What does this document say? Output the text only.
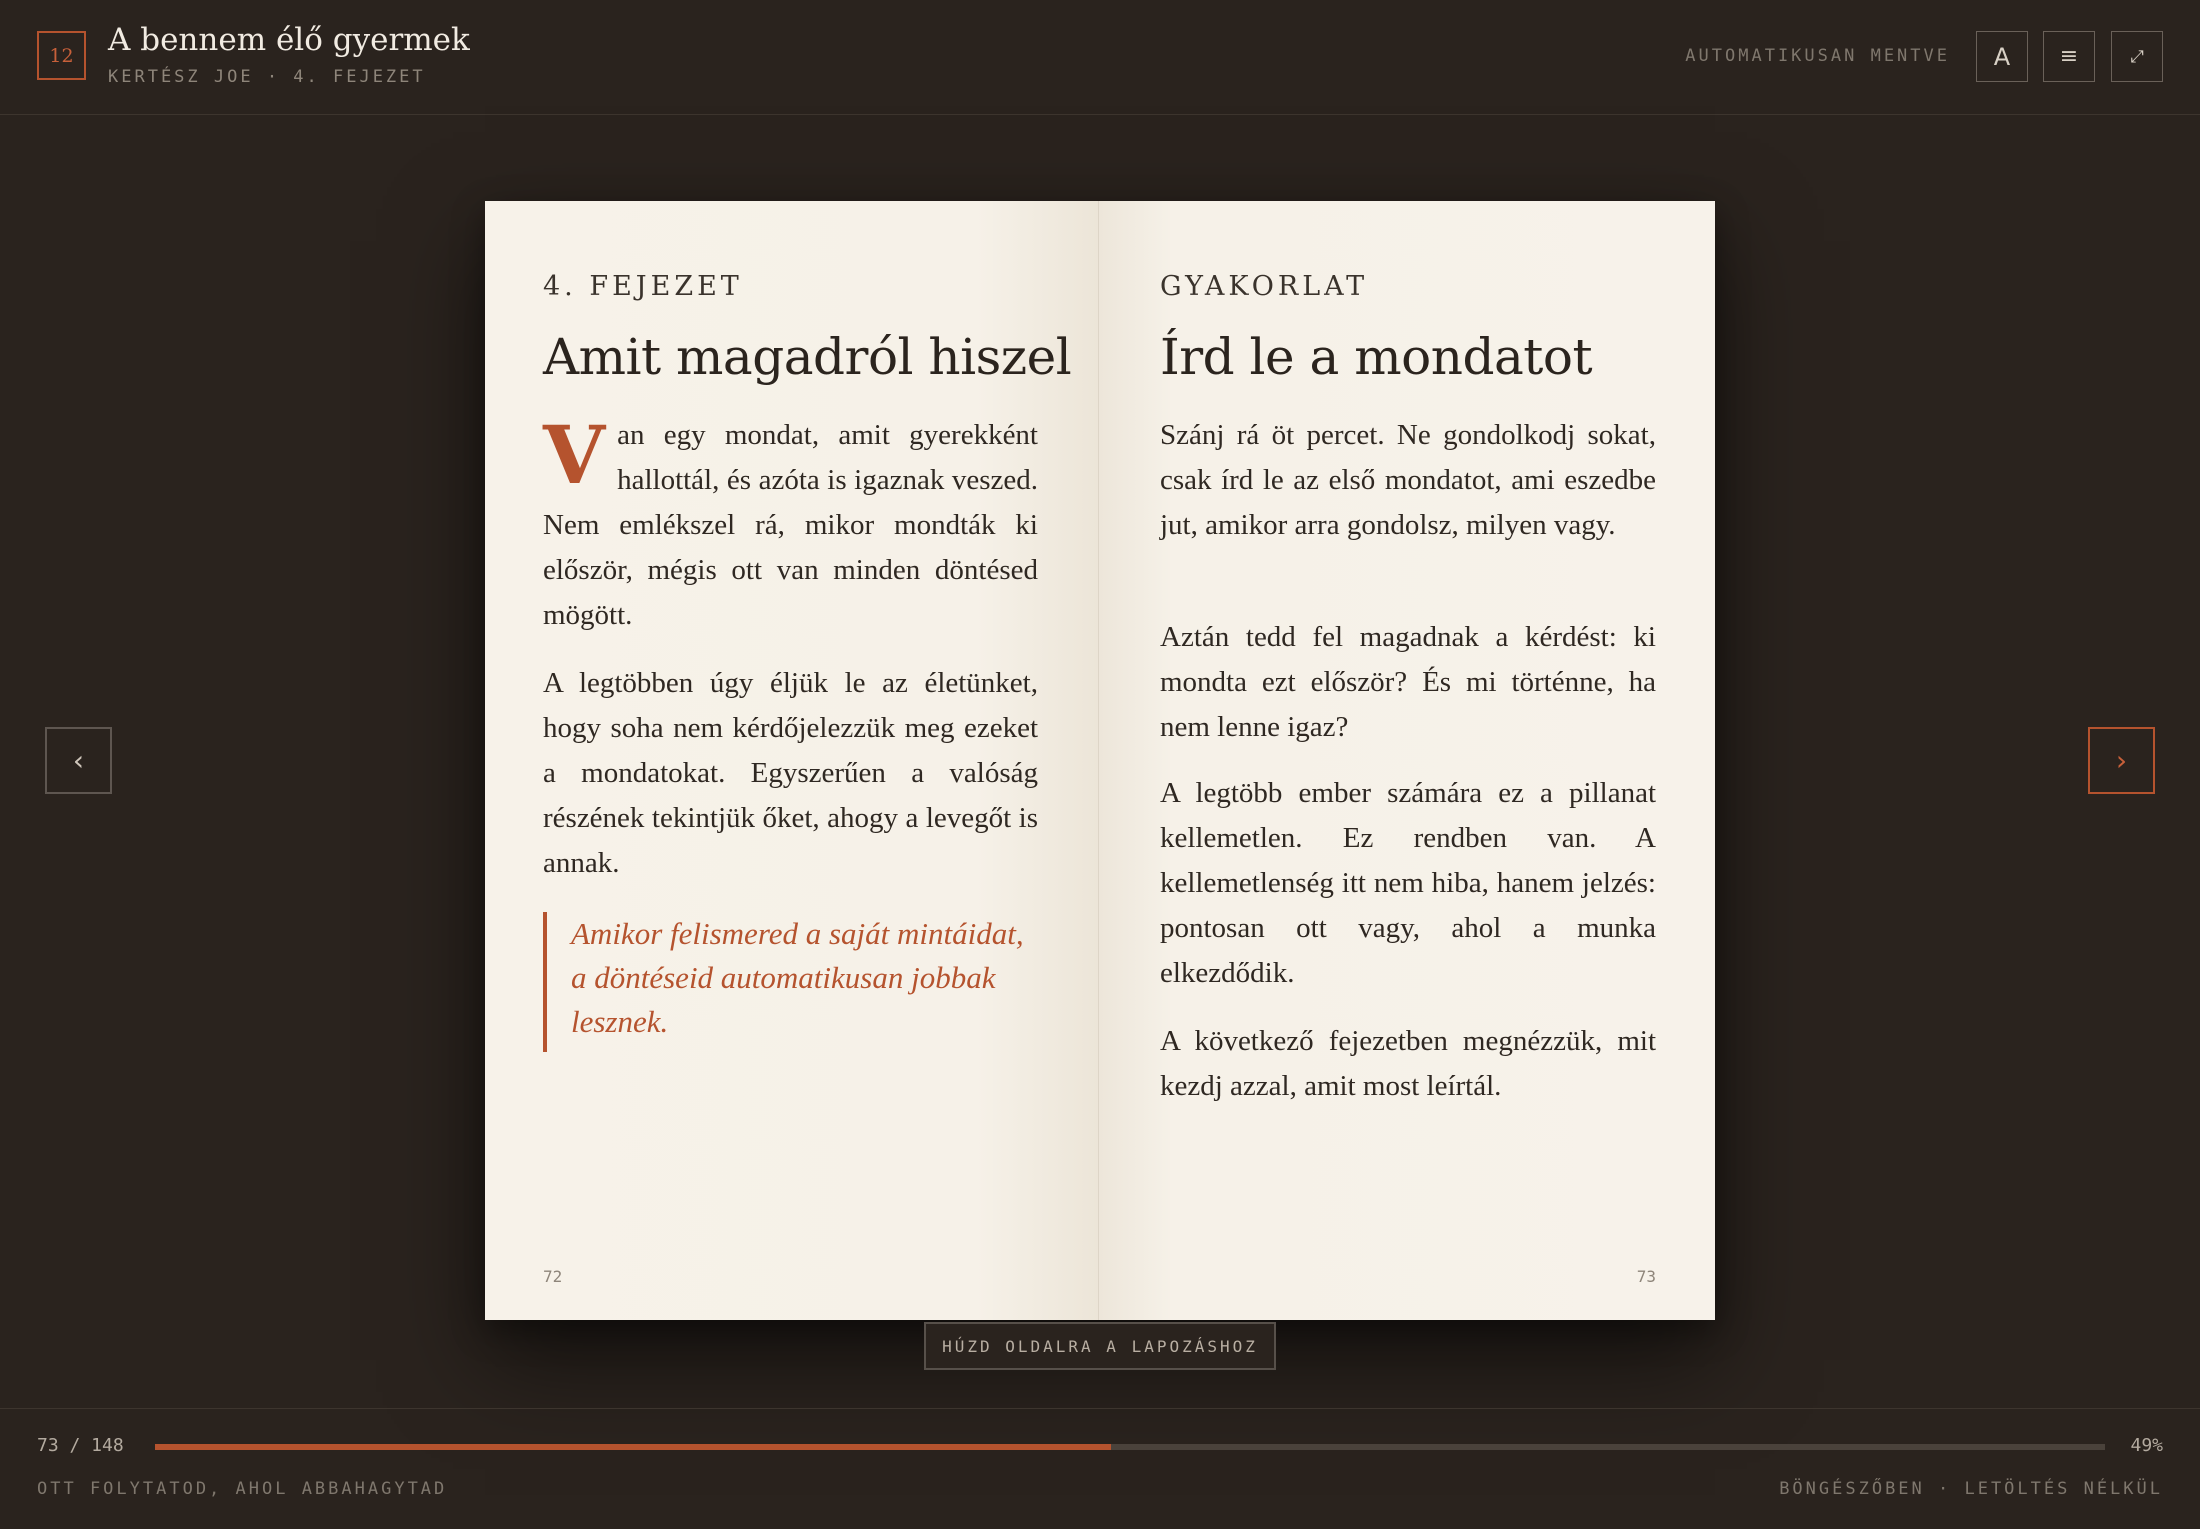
12	A bennem élő gyermek
KERTÉSZ JOE · 4. FEJEZET
AUTOMATIKUSAN MENTVE A ≡	⤢
‹	›
4. FEJEZET
Amit magadról hiszel
Van egy mondat, amit gyerekként hallottál, és azóta is igaznak veszed. Nem emlékszel rá, mikor mondták ki először, mégis ott van minden döntésed mögött.
A legtöbben úgy éljük le az életünket, hogy soha nem kérdőjelezzük meg ezeket a mondatokat. Egyszerűen a valóság részének tekintjük őket, ahogy a levegőt is annak.
Amikor felismered a saját mintáidat, a döntéseid automatikusan jobbak lesznek.
72
GYAKORLAT
Írd le a mondatot
Szánj rá öt percet. Ne gondolkodj sokat, csak írd le az első mondatot, ami eszedbe jut, amikor arra gondolsz, milyen vagy.
Aztán tedd fel magadnak a kérdést: ki mondta ezt először? És mi történne, ha nem lenne igaz?
A legtöbb ember számára ez a pillanat kellemetlen. Ez rendben van. A kellemetlenség itt nem hiba, hanem jelzés: pontosan ott vagy, ahol a munka elkezdődik.
A következő fejezetben megnézzük, mit kezdj azzal, amit most leírtál.
73
HÚZD OLDALRA A LAPOZÁSHOZ
73 / 148	49%
OTT FOLYTATOD, AHOL ABBAHAGYTAD	BÖNGÉSZŐBEN · LETÖLTÉS NÉLKÜL
